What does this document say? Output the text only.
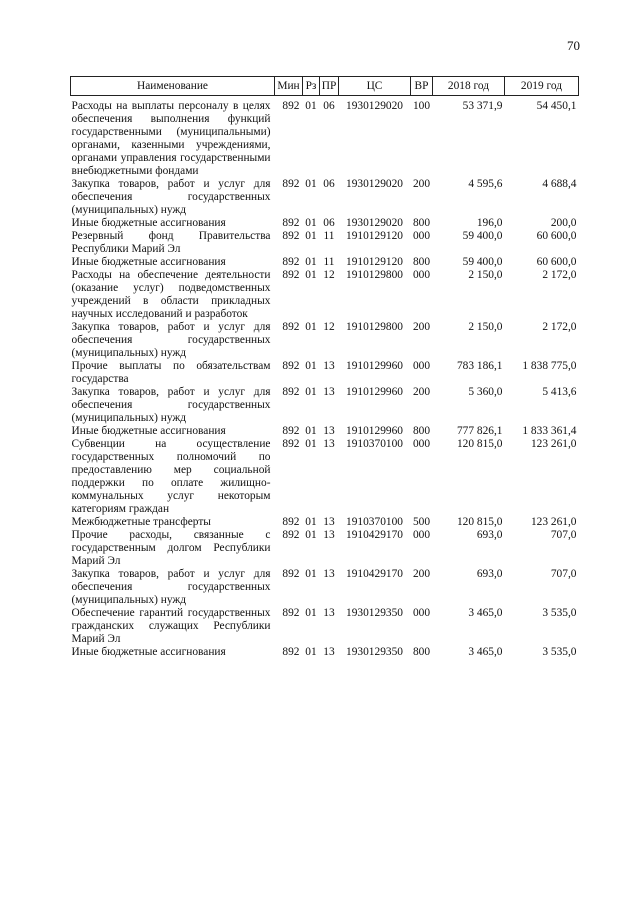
70
Наименование	Мин	Рз	ПР	ЦС	ВР	2018 год	2019 год
Расходы на выплаты персоналу в целях обеспечения выполнения функций государственными (муниципальными) органами, казенными учреждениями, органами управления государственными внебюджетными фондами	892	01	06	1930129020	100	53 371,9	54 450,1
Закупка товаров, работ и услуг для обеспечения государственных (муниципальных) нужд	892	01	06	1930129020	200	4 595,6	4 688,4
Иные бюджетные ассигнования	892	01	06	1930129020	800	196,0	200,0
Резервный фонд Правительства Республики Марий Эл	892	01	11	1910129120	000	59 400,0	60 600,0
Иные бюджетные ассигнования	892	01	11	1910129120	800	59 400,0	60 600,0
Расходы на обеспечение деятельности (оказание услуг) подведомственных учреждений в области прикладных научных исследований и разработок	892	01	12	1910129800	000	2 150,0	2 172,0
Закупка товаров, работ и услуг для обеспечения государственных (муниципальных) нужд	892	01	12	1910129800	200	2 150,0	2 172,0
Прочие выплаты по обязательствам государства	892	01	13	1910129960	000	783 186,1	1 838 775,0
Закупка товаров, работ и услуг для обеспечения государственных (муниципальных) нужд	892	01	13	1910129960	200	5 360,0	5 413,6
Иные бюджетные ассигнования	892	01	13	1910129960	800	777 826,1	1 833 361,4
Субвенции на осуществление государственных полномочий по предоставлению мер социальной поддержки по оплате жилищно-коммунальных услуг некоторым категориям граждан	892	01	13	1910370100	000	120 815,0	123 261,0
Межбюджетные трансферты	892	01	13	1910370100	500	120 815,0	123 261,0
Прочие расходы, связанные с государственным долгом Республики Марий Эл	892	01	13	1910429170	000	693,0	707,0
Закупка товаров, работ и услуг для обеспечения государственных (муниципальных) нужд	892	01	13	1910429170	200	693,0	707,0
Обеспечение гарантий государственных гражданских служащих Республики Марий Эл	892	01	13	1930129350	000	3 465,0	3 535,0
Иные бюджетные ассигнования	892	01	13	1930129350	800	3 465,0	3 535,0
